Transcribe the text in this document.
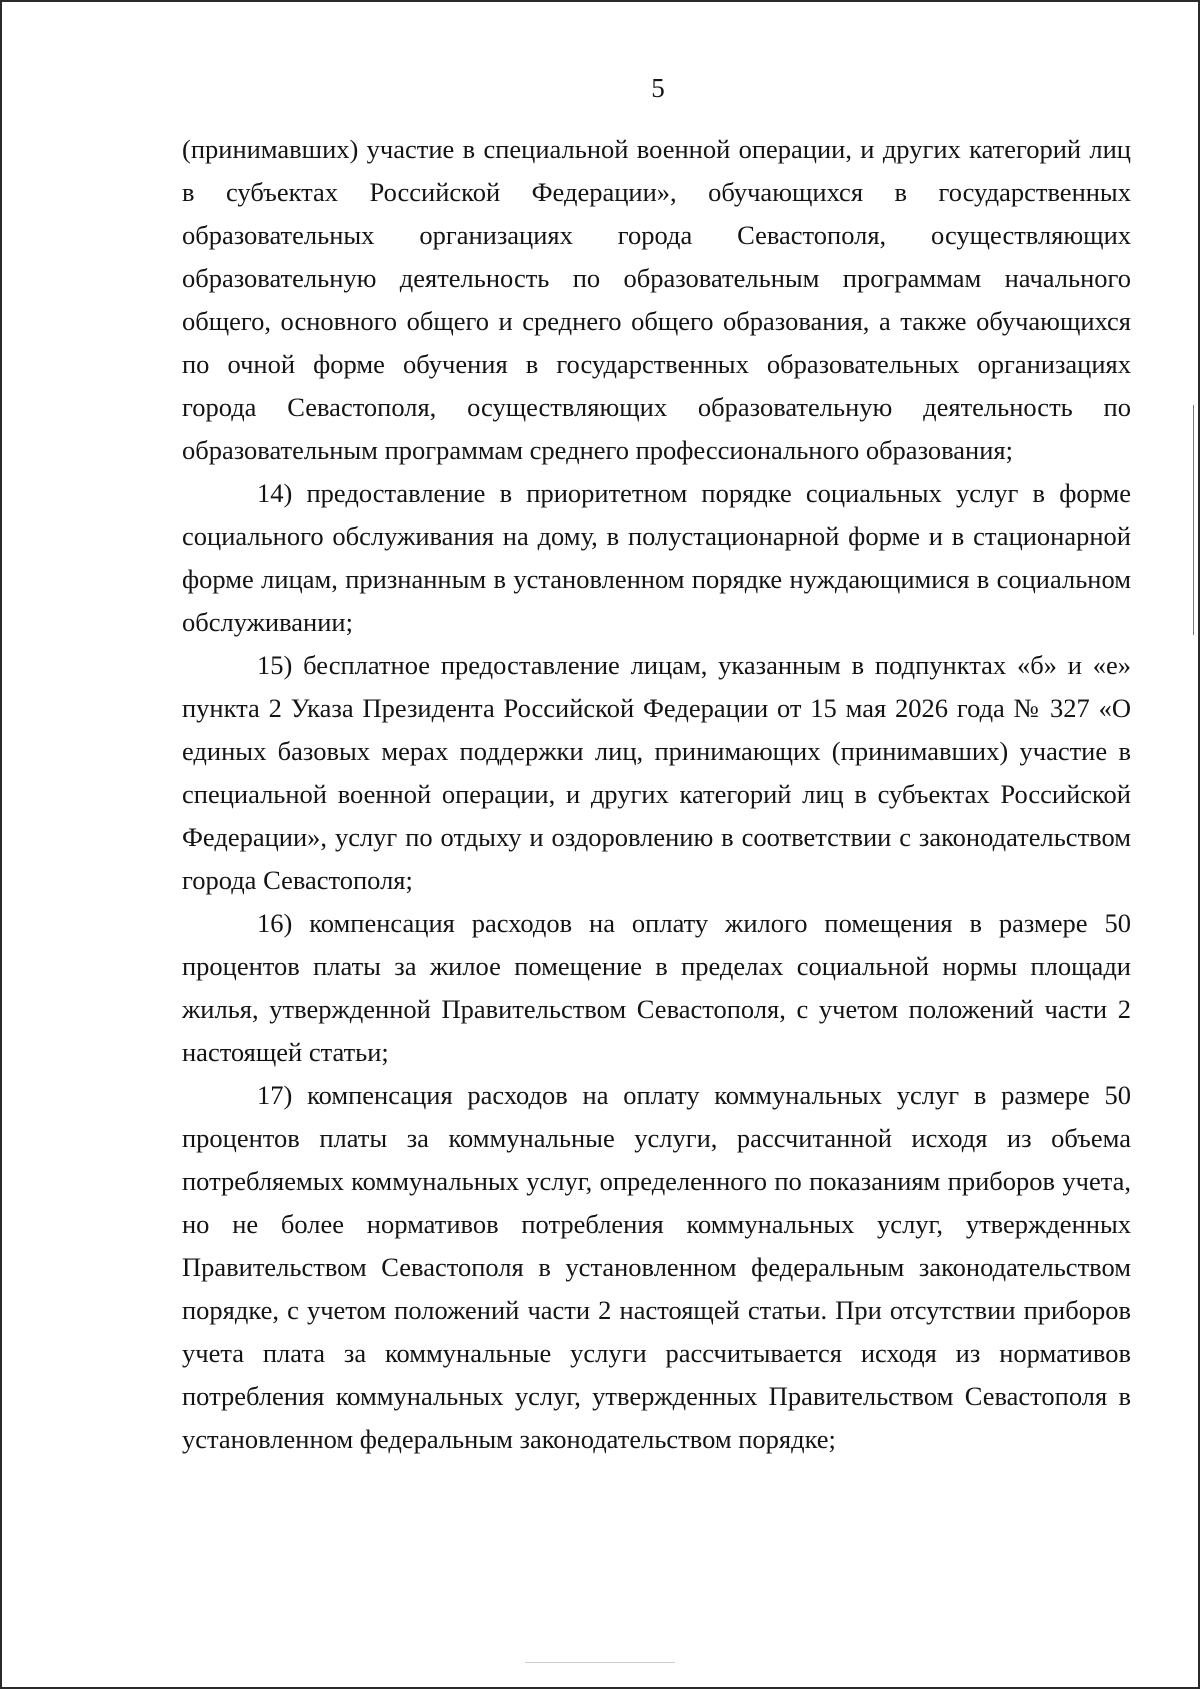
5

(принимавших) участие в специальной военной операции, и других категорий лиц в субъектах Российской Федерации», обучающихся в государственных образовательных организациях города Севастополя, осуществляющих образовательную деятельность по образовательным программам начального общего, основного общего и среднего общего образования, а также обучающихся по очной форме обучения в государственных образовательных организациях города Севастополя, осуществляющих образовательную деятельность по образовательным программам среднего профессионального образования;

14) предоставление в приоритетном порядке социальных услуг в форме социального обслуживания на дому, в полустационарной форме и в стационарной форме лицам, признанным в установленном порядке нуждающимися в социальном обслуживании;

15) бесплатное предоставление лицам, указанным в подпунктах «б» и «е» пункта 2 Указа Президента Российской Федерации от 15 мая 2026 года № 327 «О единых базовых мерах поддержки лиц, принимающих (принимавших) участие в специальной военной операции, и других категорий лиц в субъектах Российской Федерации», услуг по отдыху и оздоровлению в соответствии с законодательством города Севастополя;

16) компенсация расходов на оплату жилого помещения в размере 50 процентов платы за жилое помещение в пределах социальной нормы площади жилья, утвержденной Правительством Севастополя, с учетом положений части 2 настоящей статьи;

17) компенсация расходов на оплату коммунальных услуг в размере 50 процентов платы за коммунальные услуги, рассчитанной исходя из объема потребляемых коммунальных услуг, определенного по показаниям приборов учета, но не более нормативов потребления коммунальных услуг, утвержденных Правительством Севастополя в установленном федеральным законодательством порядке, с учетом положений части 2 настоящей статьи. При отсутствии приборов учета плата за коммунальные услуги рассчитывается исходя из нормативов потребления коммунальных услуг, утвержденных Правительством Севастополя в установленном федеральным законодательством порядке;
